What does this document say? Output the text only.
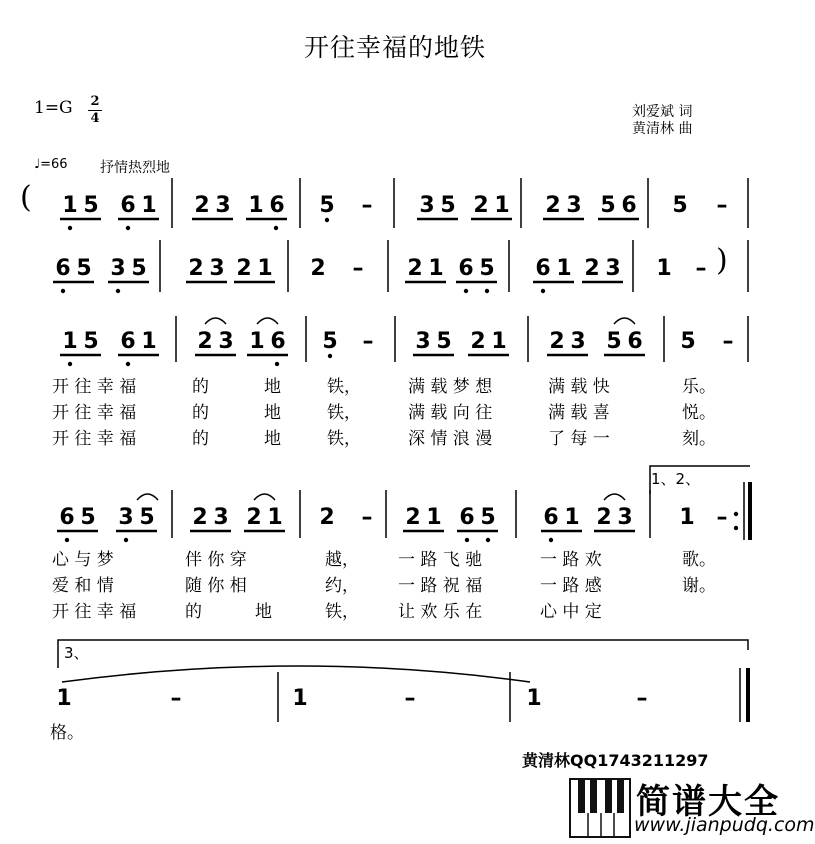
开往幸福的地铁
1=G 2
4	刘爱斌 词
黄清林 曲
♩=66 抒情热烈地
( 1 5 6 1 2 3 1 6	3 5 2 1 2 3 5 6
5	5
–	–
6 5 3 5 2 3 2 1	2 1 6 5 6 1 2 3
2	1
–	–
1 5 6 1 2 3 1 6	3 5 2 1 2 3 5 6
5	5
–	–
6 5 3 5 2 3 2 1	2 1 6 5 6 1 2 3
2	1
–	–
1	–	1	–	1	–
)
1、2、
3、
开 往 幸 福	的	地	铁，	满 载 梦 想	满 载 快	乐。
开 往 幸 福	的	地	铁，	满 载 向 往	满 载 喜	悦。
开 往 幸 福	的	地	铁，	深 情 浪 漫	了 每 一	刻。
心 与 梦	伴 你 穿	越， 一 路 飞 驰	一 路 欢	歌。
爱 和 情	随 你 相	约， 一 路 祝 福	一 路 感	谢。
开 往 幸 福	的	地	铁， 让 欢 乐 在	心 中 定
格。
黄清林QQ1743211297
简谱大全
www.jianpudq.com
